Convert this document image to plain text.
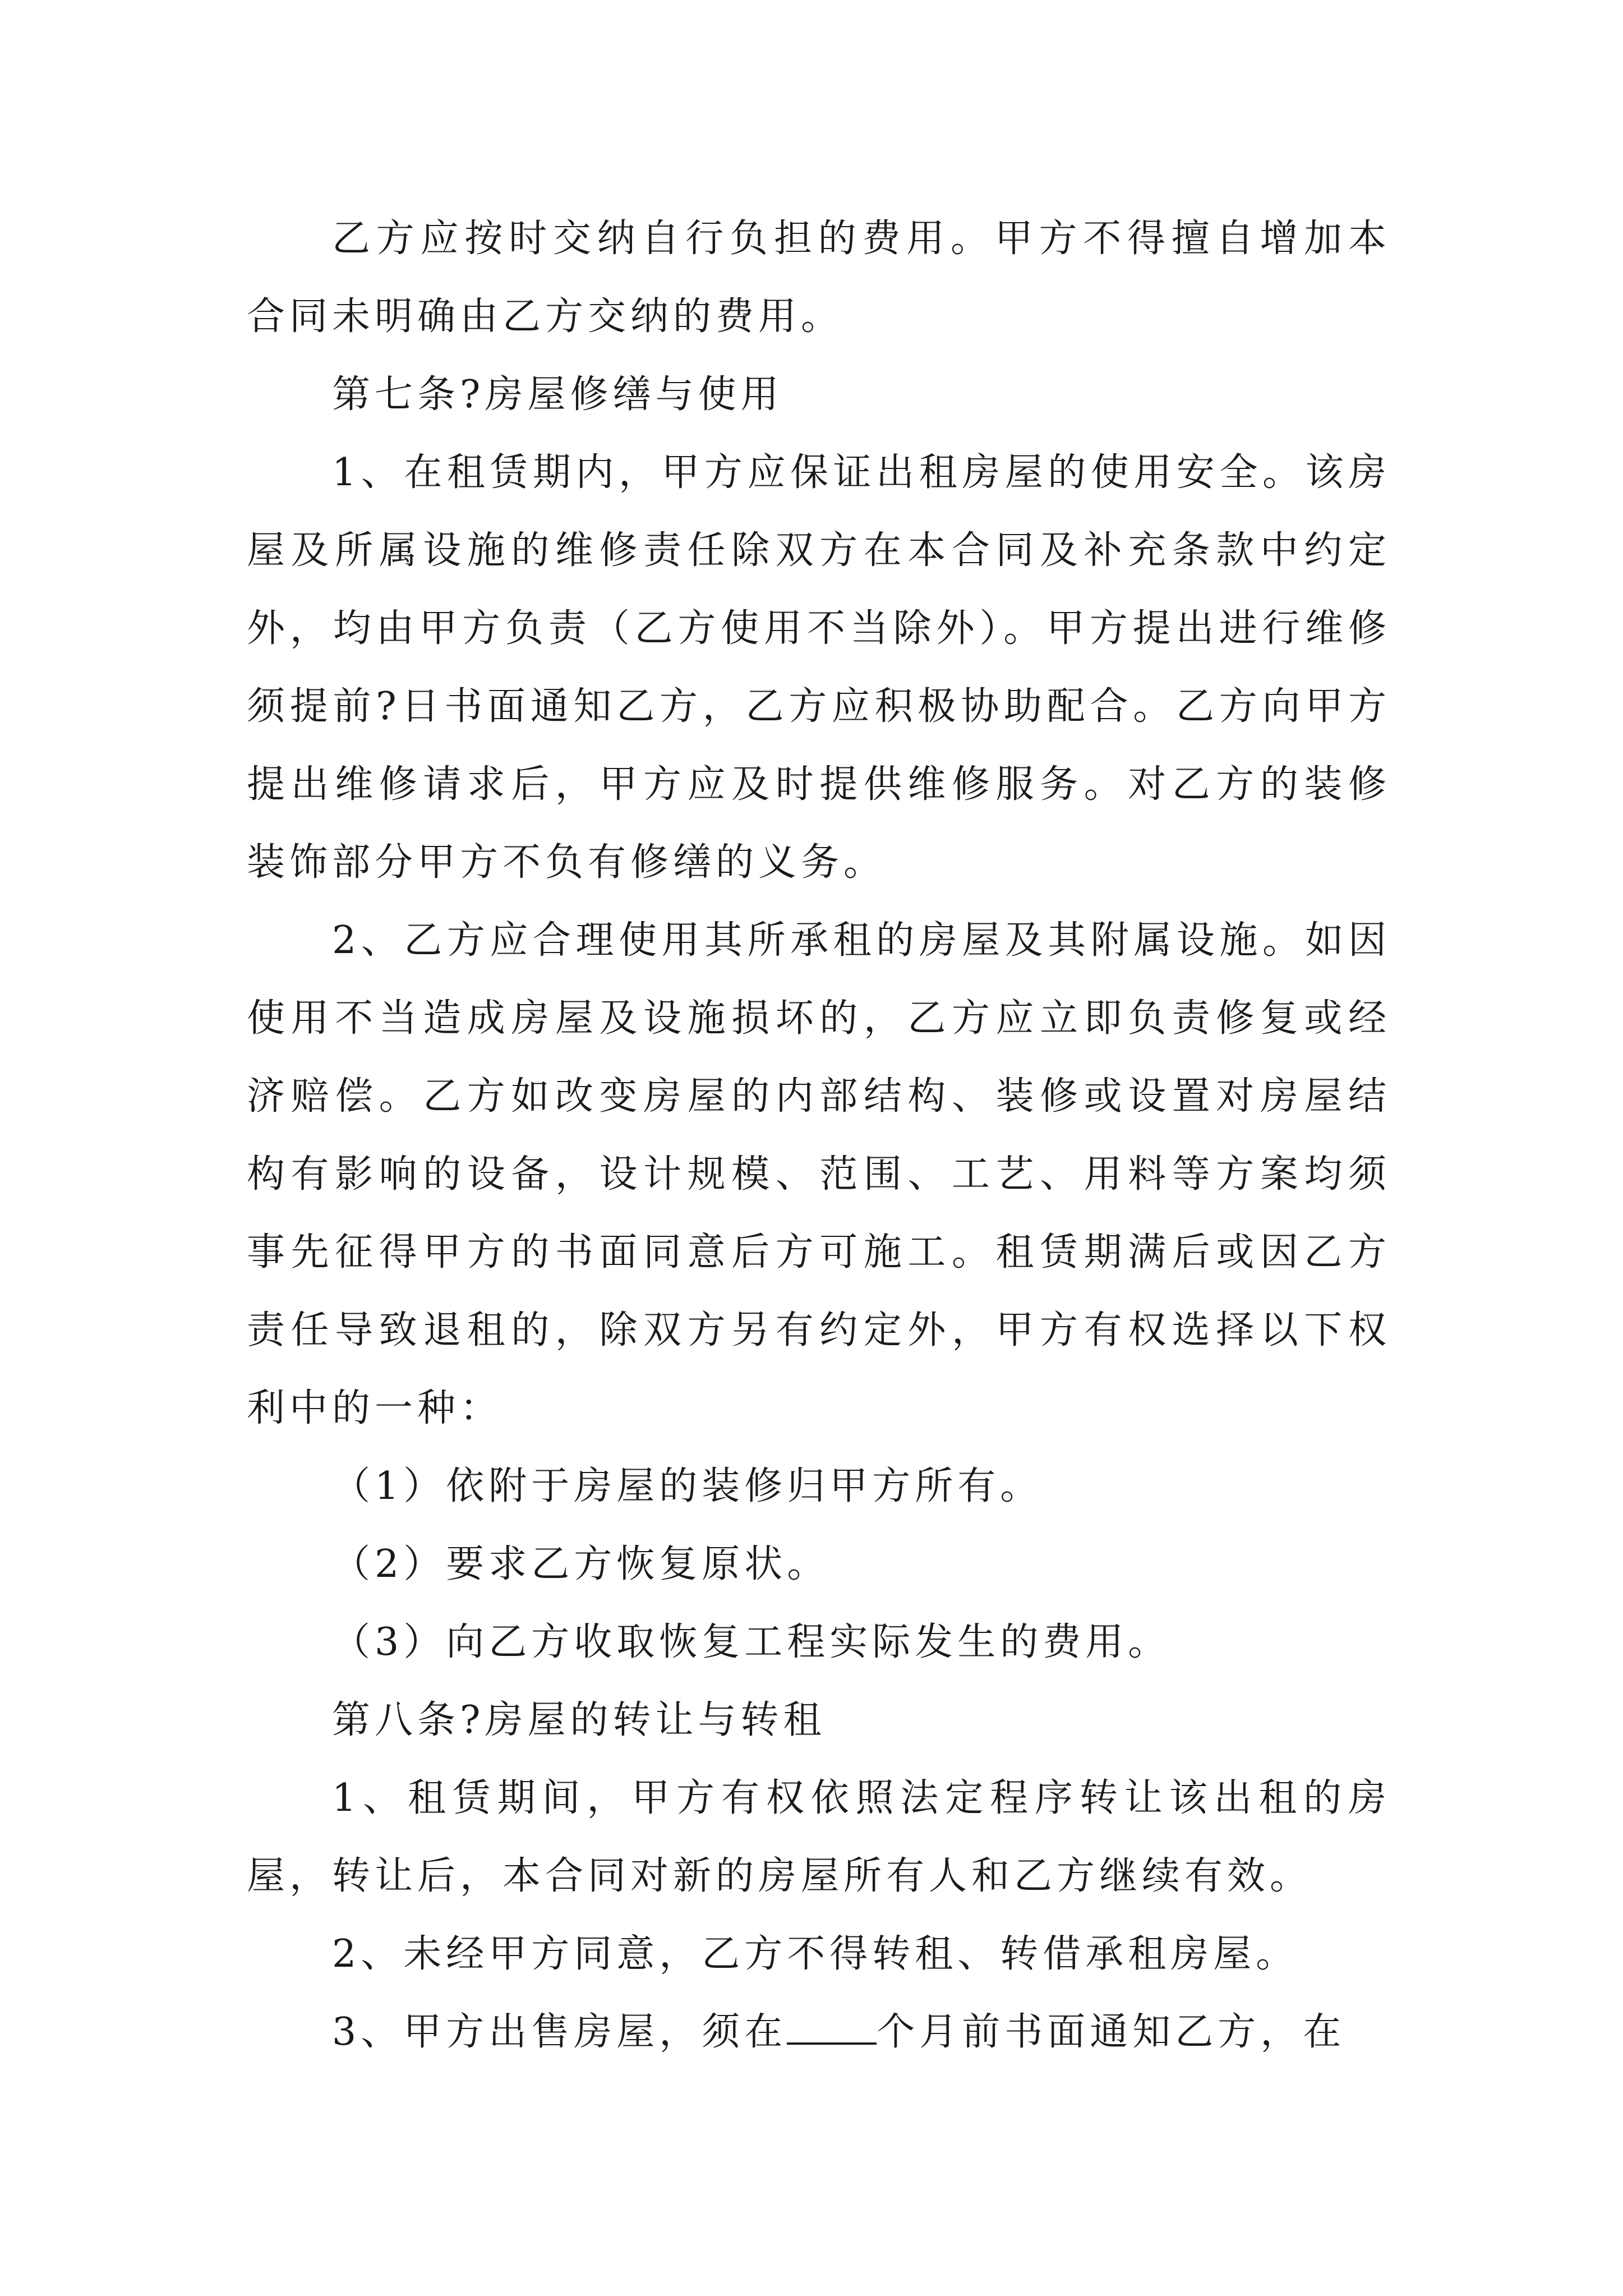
乙方应按时交纳自行负担的费用。甲方不得擅自增加本合同未明确由乙方交纳的费用。

第七条?房屋修缮与使用

1、在租赁期内，甲方应保证出租房屋的使用安全。该房屋及所属设施的维修责任除双方在本合同及补充条款中约定外，均由甲方负责（乙方使用不当除外）。甲方提出进行维修须提前?日书面通知乙方，乙方应积极协助配合。乙方向甲方提出维修请求后，甲方应及时提供维修服务。对乙方的装修装饰部分甲方不负有修缮的义务。

2、乙方应合理使用其所承租的房屋及其附属设施。如因使用不当造成房屋及设施损坏的，乙方应立即负责修复或经济赔偿。乙方如改变房屋的内部结构、装修或设置对房屋结构有影响的设备，设计规模、范围、工艺、用料等方案均须事先征得甲方的书面同意后方可施工。租赁期满后或因乙方责任导致退租的，除双方另有约定外，甲方有权选择以下权利中的一种：

（1）依附于房屋的装修归甲方所有。

（2）要求乙方恢复原状。

（3）向乙方收取恢复工程实际发生的费用。

第八条?房屋的转让与转租

1、租赁期间，甲方有权依照法定程序转让该出租的房屋，转让后，本合同对新的房屋所有人和乙方继续有效。

2、未经甲方同意，乙方不得转租、转借承租房屋。

3、甲方出售房屋，须在 个月前书面通知乙方，在
